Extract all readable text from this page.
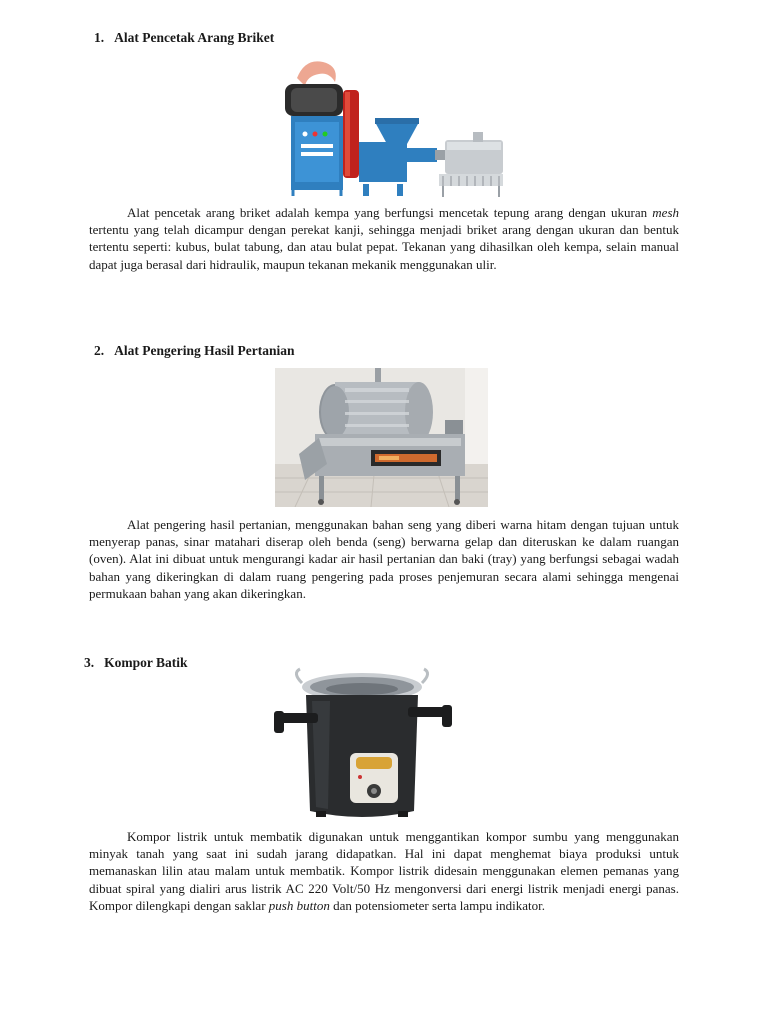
1. Alat Pencetak Arang Briket

Alat pencetak arang briket adalah kempa yang berfungsi mencetak tepung arang dengan ukuran mesh tertentu yang telah dicampur dengan perekat kanji, sehingga menjadi briket arang dengan ukuran dan bentuk tertentu seperti: kubus, bulat tabung, dan atau bulat pepat. Tekanan yang dihasilkan oleh kempa, selain manual dapat juga berasal dari hidraulik, maupun tekanan mekanik menggunakan ulir.

2. Alat Pengering Hasil Pertanian

Alat pengering hasil pertanian, menggunakan bahan seng yang diberi warna hitam dengan tujuan untuk menyerap panas, sinar matahari diserap oleh benda (seng) berwarna gelap dan diteruskan ke dalam ruangan (oven). Alat ini dibuat untuk mengurangi kadar air hasil pertanian dan baki (tray) yang berfungsi sebagai wadah bahan yang dikeringkan di dalam ruang pengering pada proses penjemuran secara alami sehingga mengenai permukaan bahan yang akan dikeringkan.

3. Kompor Batik

Kompor listrik untuk membatik digunakan untuk menggantikan kompor sumbu yang menggunakan minyak tanah yang saat ini sudah jarang didapatkan. Hal ini dapat menghemat biaya produksi untuk memanaskan lilin atau malam untuk membatik. Kompor listrik didesain menggunakan elemen pemanas yang dibuat spiral yang dialiri arus listrik AC 220 Volt/50 Hz mengonversi dari energi listrik menjadi energi panas. Kompor dilengkapi dengan saklar push button dan potensiometer serta lampu indikator.
